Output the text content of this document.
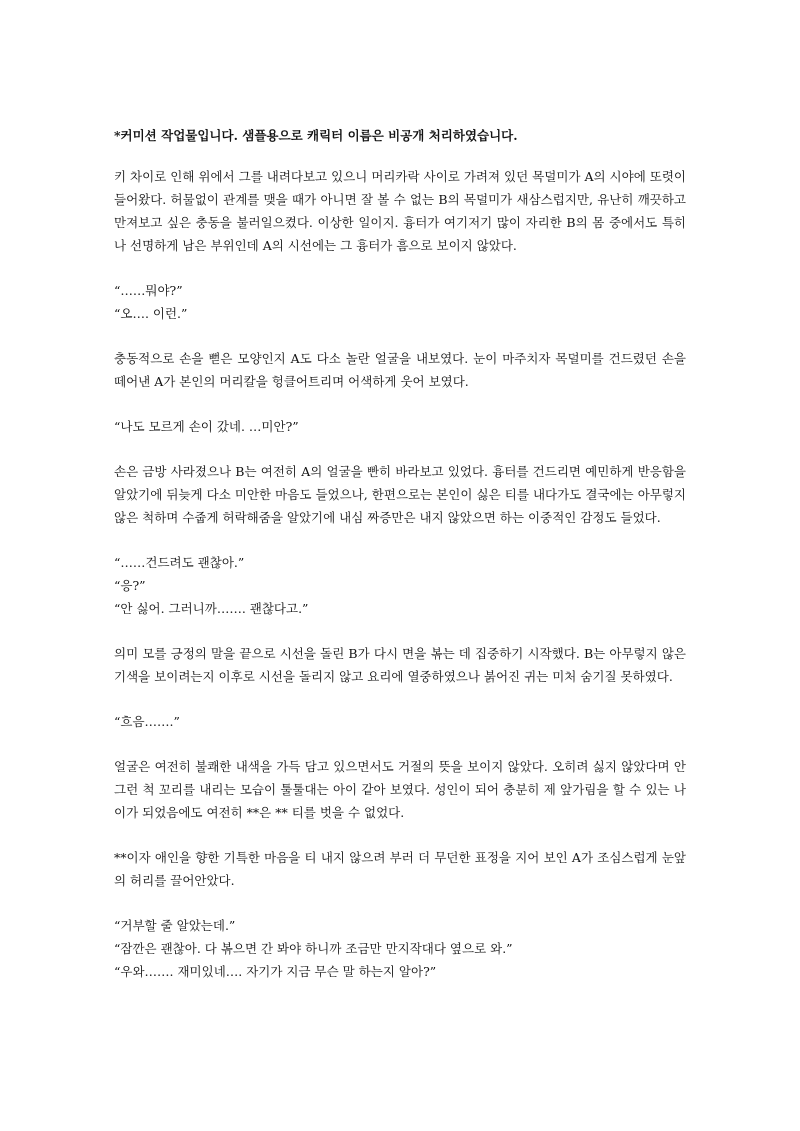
*커미션 작업물입니다. 샘플용으로 캐릭터 이름은 비공개 처리하였습니다.

키 차이로 인해 위에서 그를 내려다보고 있으니 머리카락 사이로 가려져 있던 목덜미가 A의 시야에 또렷이 들어왔다. 허물없이 관계를 맺을 때가 아니면 잘 볼 수 없는 B의 목덜미가 새삼스럽지만, 유난히 깨끗하고 만져보고 싶은 충동을 불러일으켰다. 이상한 일이지. 흉터가 여기저기 많이 자리한 B의 몸 중에서도 특히나 선명하게 남은 부위인데 A의 시선에는 그 흉터가 흠으로 보이지 않았다.

“……뭐야?”
“오…. 이런.”

충동적으로 손을 뻗은 모양인지 A도 다소 놀란 얼굴을 내보였다. 눈이 마주치자 목덜미를 건드렸던 손을 떼어낸 A가 본인의 머리칼을 헝클어트리며 어색하게 웃어 보였다.

“나도 모르게 손이 갔네. …미안?”

손은 금방 사라졌으나 B는 여전히 A의 얼굴을 빤히 바라보고 있었다. 흉터를 건드리면 예민하게 반응함을 알았기에 뒤늦게 다소 미안한 마음도 들었으나, 한편으로는 본인이 싫은 티를 내다가도 결국에는 아무렇지 않은 척하며 수줍게 허락해줌을 알았기에 내심 짜증만은 내지 않았으면 하는 이중적인 감정도 들었다.

“……건드려도 괜찮아.”
“응?”
“안 싫어. 그러니까……. 괜찮다고.”

의미 모를 긍정의 말을 끝으로 시선을 돌린 B가 다시 면을 볶는 데 집중하기 시작했다. B는 아무렇지 않은 기색을 보이려는지 이후로 시선을 돌리지 않고 요리에 열중하였으나 붉어진 귀는 미처 숨기질 못하였다.

“흐음…….”

얼굴은 여전히 불쾌한 내색을 가득 담고 있으면서도 거절의 뜻을 보이지 않았다. 오히려 싫지 않았다며 안 그런 척 꼬리를 내리는 모습이 툴툴대는 아이 같아 보였다. 성인이 되어 충분히 제 앞가림을 할 수 있는 나이가 되었음에도 여전히 **은 ** 티를 벗을 수 없었다.

**이자 애인을 향한 기특한 마음을 티 내지 않으려 부러 더 무던한 표정을 지어 보인 A가 조심스럽게 눈앞의 허리를 끌어안았다.

“거부할 줄 알았는데.”
“잠깐은 괜찮아. 다 볶으면 간 봐야 하니까 조금만 만지작대다 옆으로 와.”
“우와……. 재미있네…. 자기가 지금 무슨 말 하는지 알아?”
